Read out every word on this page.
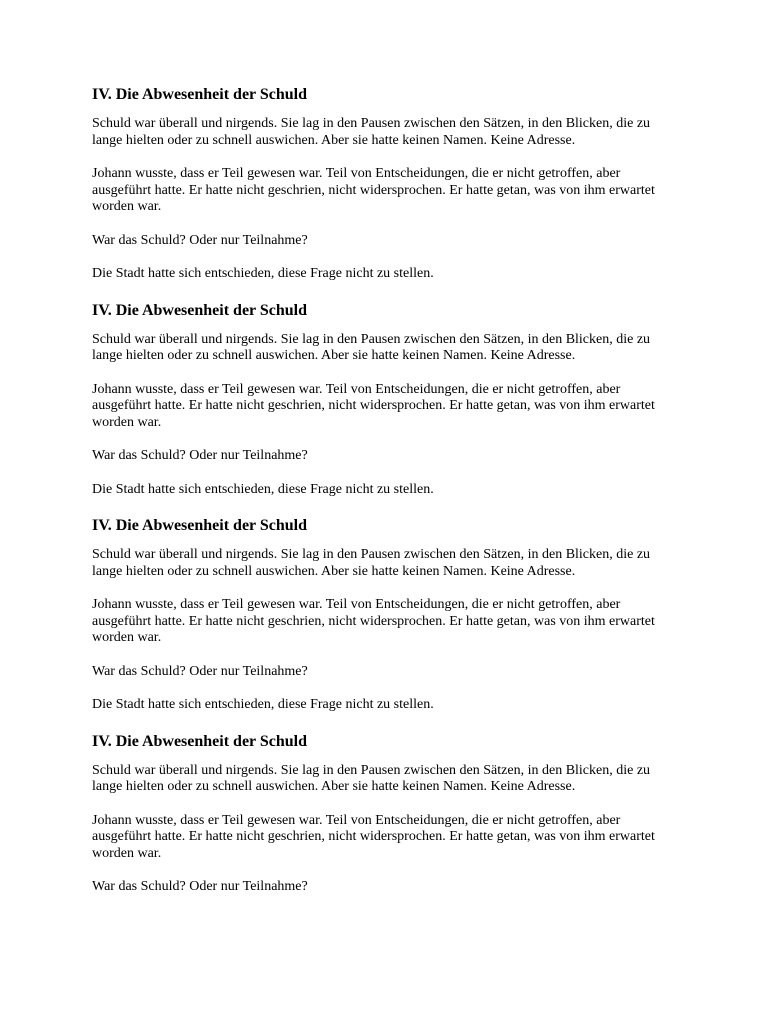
IV. Die Abwesenheit der Schuld

Schuld war überall und nirgends. Sie lag in den Pausen zwischen den Sätzen, in den Blicken, die zu lange hielten oder zu schnell auswichen. Aber sie hatte keinen Namen. Keine Adresse.

Johann wusste, dass er Teil gewesen war. Teil von Entscheidungen, die er nicht getroffen, aber ausgeführt hatte. Er hatte nicht geschrien, nicht widersprochen. Er hatte getan, was von ihm erwartet worden war.

War das Schuld? Oder nur Teilnahme?

Die Stadt hatte sich entschieden, diese Frage nicht zu stellen.

IV. Die Abwesenheit der Schuld

Schuld war überall und nirgends. Sie lag in den Pausen zwischen den Sätzen, in den Blicken, die zu lange hielten oder zu schnell auswichen. Aber sie hatte keinen Namen. Keine Adresse.

Johann wusste, dass er Teil gewesen war. Teil von Entscheidungen, die er nicht getroffen, aber ausgeführt hatte. Er hatte nicht geschrien, nicht widersprochen. Er hatte getan, was von ihm erwartet worden war.

War das Schuld? Oder nur Teilnahme?

Die Stadt hatte sich entschieden, diese Frage nicht zu stellen.

IV. Die Abwesenheit der Schuld

Schuld war überall und nirgends. Sie lag in den Pausen zwischen den Sätzen, in den Blicken, die zu lange hielten oder zu schnell auswichen. Aber sie hatte keinen Namen. Keine Adresse.

Johann wusste, dass er Teil gewesen war. Teil von Entscheidungen, die er nicht getroffen, aber ausgeführt hatte. Er hatte nicht geschrien, nicht widersprochen. Er hatte getan, was von ihm erwartet worden war.

War das Schuld? Oder nur Teilnahme?

Die Stadt hatte sich entschieden, diese Frage nicht zu stellen.

IV. Die Abwesenheit der Schuld

Schuld war überall und nirgends. Sie lag in den Pausen zwischen den Sätzen, in den Blicken, die zu lange hielten oder zu schnell auswichen. Aber sie hatte keinen Namen. Keine Adresse.

Johann wusste, dass er Teil gewesen war. Teil von Entscheidungen, die er nicht getroffen, aber ausgeführt hatte. Er hatte nicht geschrien, nicht widersprochen. Er hatte getan, was von ihm erwartet worden war.

War das Schuld? Oder nur Teilnahme?
